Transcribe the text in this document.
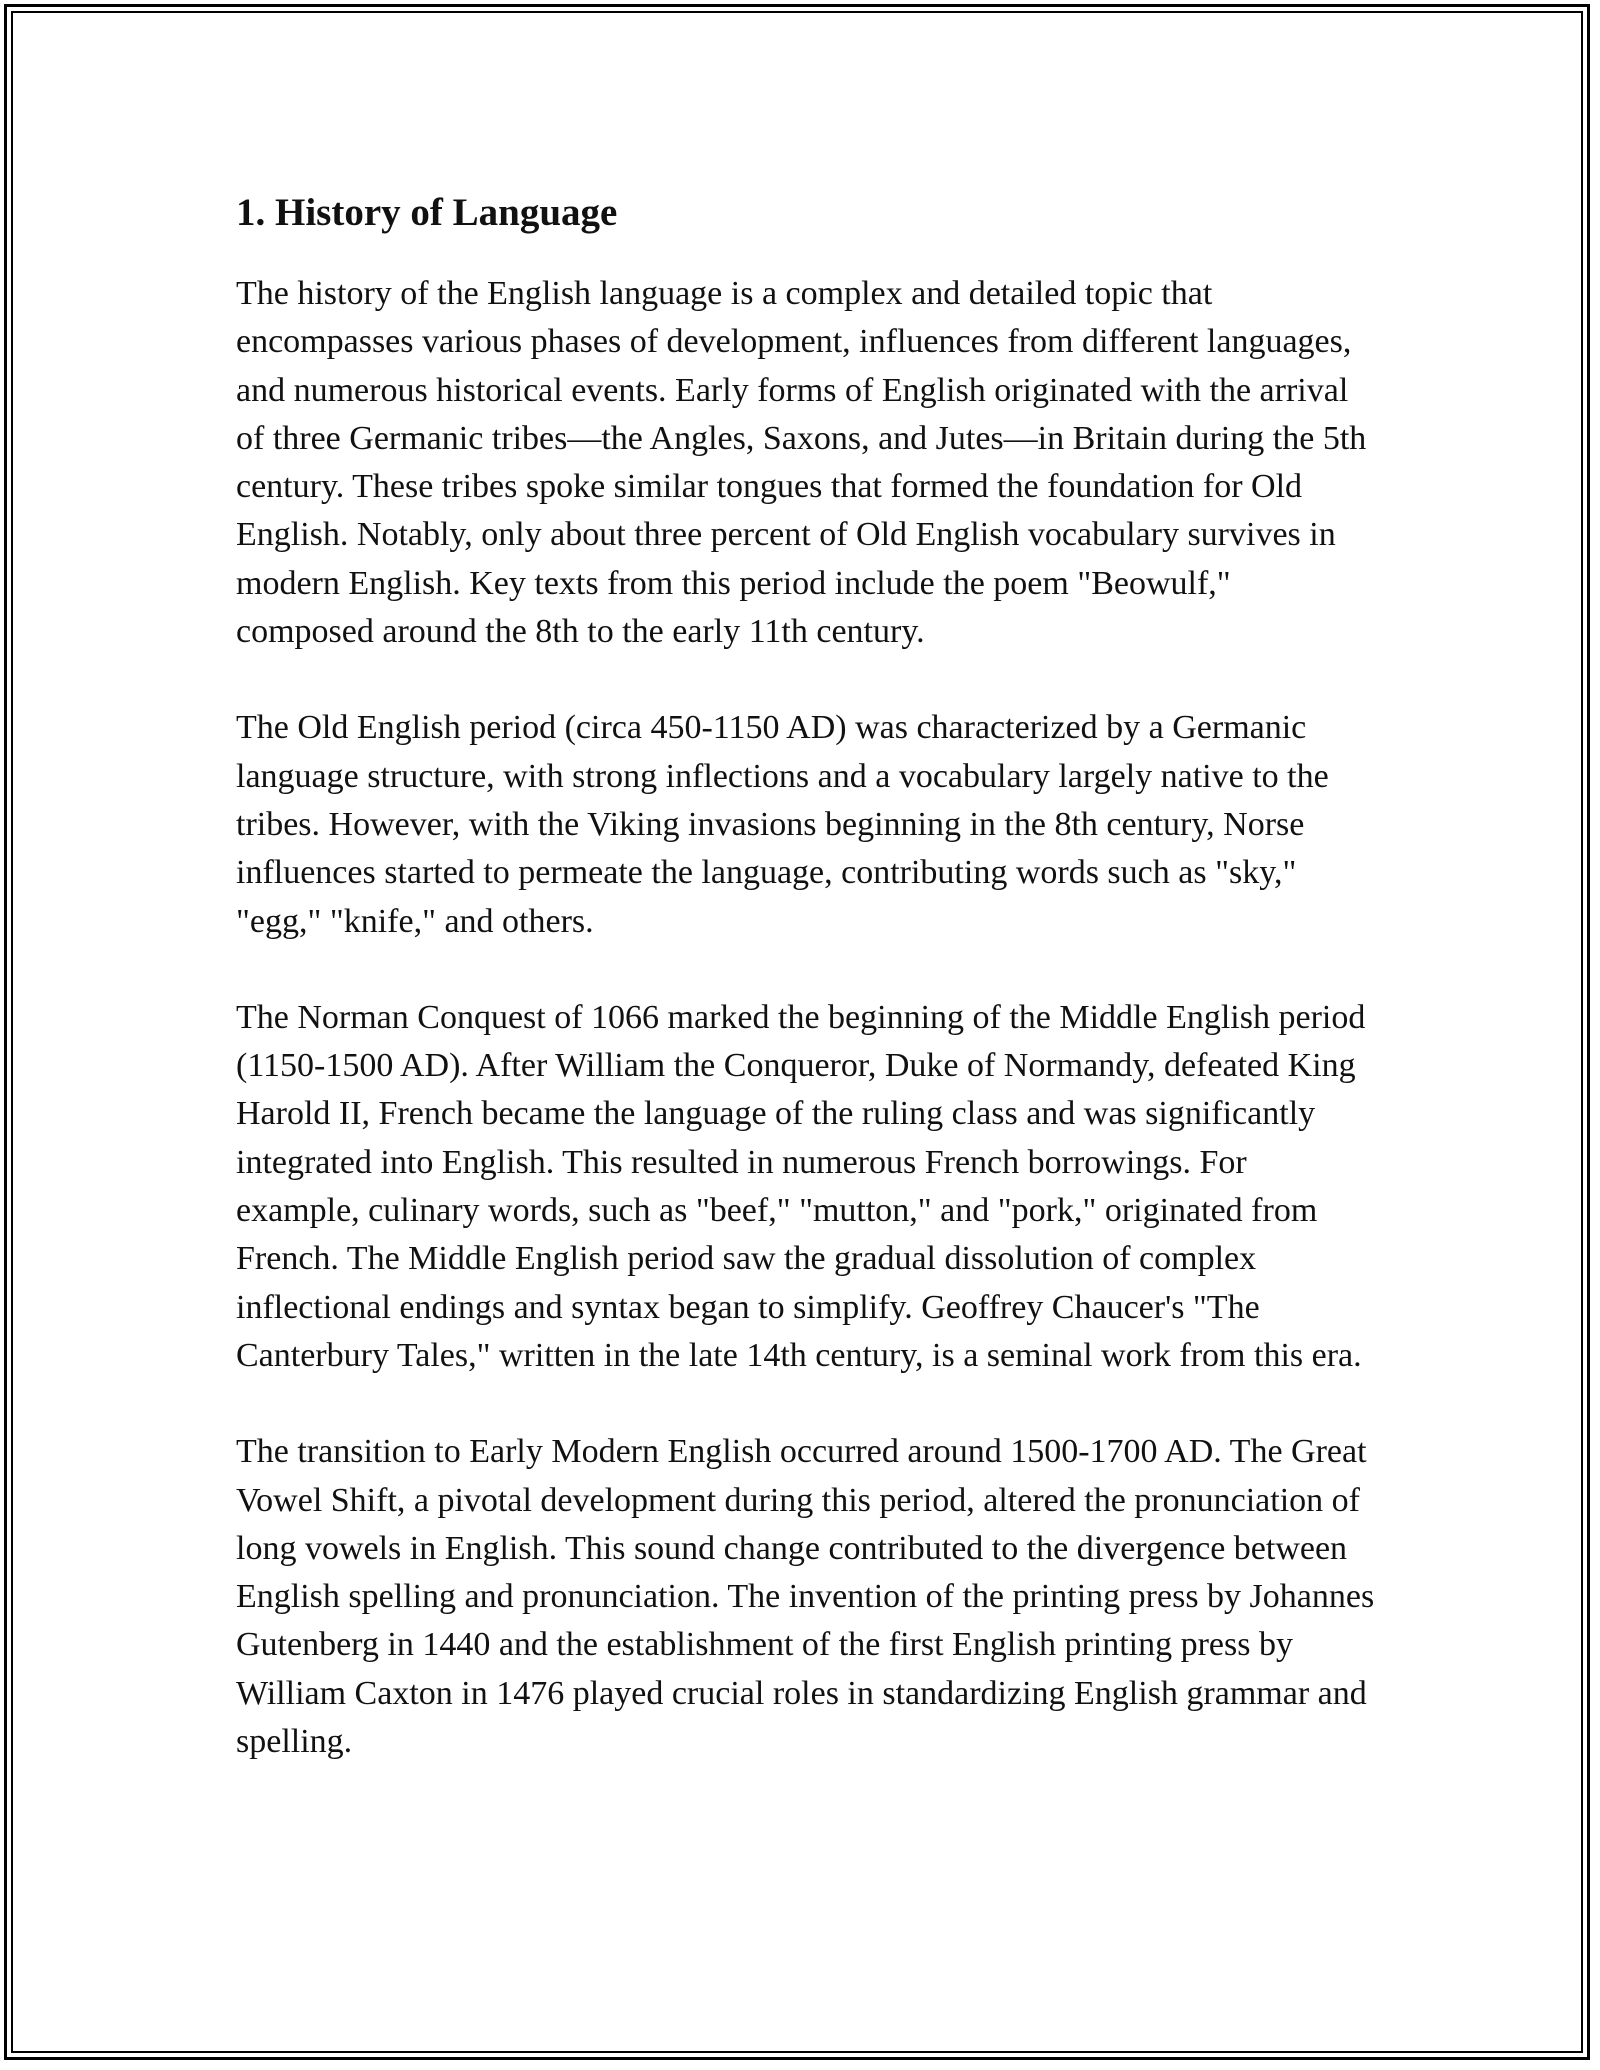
1. History of Language

The history of the English language is a complex and detailed topic that encompasses various phases of development, influences from different languages, and numerous historical events. Early forms of English originated with the arrival of three Germanic tribes—the Angles, Saxons, and Jutes—in Britain during the 5th century. These tribes spoke similar tongues that formed the foundation for Old English. Notably, only about three percent of Old English vocabulary survives in modern English. Key texts from this period include the poem "Beowulf," composed around the 8th to the early 11th century.

The Old English period (circa 450-1150 AD) was characterized by a Germanic language structure, with strong inflections and a vocabulary largely native to the tribes. However, with the Viking invasions beginning in the 8th century, Norse influences started to permeate the language, contributing words such as "sky," "egg," "knife," and others.

The Norman Conquest of 1066 marked the beginning of the Middle English period (1150-1500 AD). After William the Conqueror, Duke of Normandy, defeated King Harold II, French became the language of the ruling class and was significantly integrated into English. This resulted in numerous French borrowings. For example, culinary words, such as "beef," "mutton," and "pork," originated from French. The Middle English period saw the gradual dissolution of complex inflectional endings and syntax began to simplify. Geoffrey Chaucer's "The Canterbury Tales," written in the late 14th century, is a seminal work from this era.

The transition to Early Modern English occurred around 1500-1700 AD. The Great Vowel Shift, a pivotal development during this period, altered the pronunciation of long vowels in English. This sound change contributed to the divergence between English spelling and pronunciation. The invention of the printing press by Johannes Gutenberg in 1440 and the establishment of the first English printing press by William Caxton in 1476 played crucial roles in standardizing English grammar and spelling.
